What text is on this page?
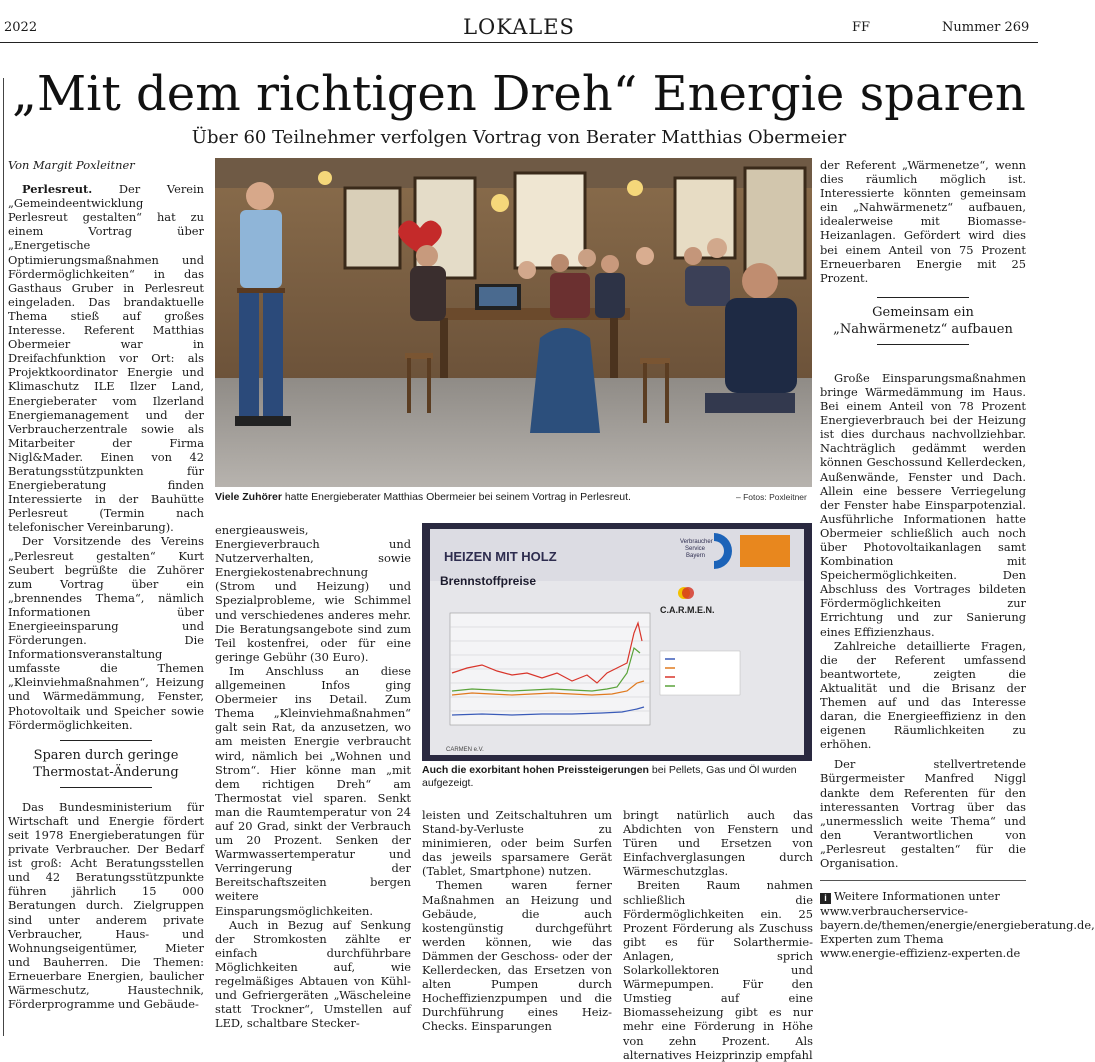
2022	LOKALES	FF	Nummer 269
„Mit dem richtigen Dreh“ Energie sparen
Über 60 Teilnehmer verfolgen Vortrag von Berater Matthias Obermeier

Von Margit Poxleitner

Perlesreut. Der Verein „Gemeindeentwicklung Perlesreut gestalten“ hat zu einem Vortrag über „Energetische Optimierungsmaßnahmen und Fördermöglichkeiten“ in das Gasthaus Gruber in Perlesreut eingeladen. Das brandaktuelle Thema stieß auf großes Interesse. Referent Matthias Obermeier war in Dreifachfunktion vor Ort: als Projektkoordinator Energie und Klimaschutz ILE Ilzer Land, Energieberater vom Ilzerland Energiemanagement und der Verbraucherzentrale sowie als Mitarbeiter der Firma Nigl&Mader. Einen von 42 Beratungsstützpunkten für Energieberatung finden Interessierte in der Bauhütte Perlesreut (Termin nach telefonischer Vereinbarung).

Der Vorsitzende des Vereins „Perlesreut gestalten“ Kurt Seubert begrüßte die Zuhörer zum Vortrag über ein „brennendes Thema“, nämlich Informationen über Energieeinsparung und Förderungen. Die Informationsveranstaltung umfasste die Themen „Kleinviehmaßnahmen“, Heizung und Wärmedämmung, Fenster, Photovoltaik und Speicher sowie Fördermöglichkeiten.

Sparen durch geringe Thermostat-Änderung

Das Bundesministerium für Wirtschaft und Energie fördert seit 1978 Energieberatungen für private Verbraucher. Der Bedarf ist groß: Acht Beratungsstellen und 42 Beratungsstützpunkte führen jährlich 15 000 Beratungen durch. Zielgruppen sind unter anderem private Verbraucher, Haus- und Wohnungseigentümer, Mieter und Bauherren. Die Themen: Erneuerbare Energien, baulicher Wärmeschutz, Haustechnik, Förderprogramme und Gebäude-

Viele Zuhörer hatte Energieberater Matthias Obermeier bei seinem Vortrag in Perlesreut.	– Fotos: Poxleitner

energieausweis, Energieverbrauch und Nutzerverhalten, sowie Energiekostenabrechnung (Strom und Heizung) und Spezialprobleme, wie Schimmel und verschiedenes anderes mehr. Die Beratungsangebote sind zum Teil kostenfrei, oder für eine geringe Gebühr (30 Euro).

Im Anschluss an diese allgemeinen Infos ging Obermeier ins Detail. Zum Thema „Kleinviehmaßnahmen“ galt sein Rat, da anzusetzen, wo am meisten Energie verbraucht wird, nämlich bei „Wohnen und Strom“. Hier könne man „mit dem richtigen Dreh“ am Thermostat viel sparen. Senkt man die Raumtemperatur von 24 auf 20 Grad, sinkt der Verbrauch um 20 Prozent. Senken der Warmwassertemperatur und Verringerung der Bereitschaftszeiten bergen weitere Einsparungsmöglichkeiten.

Auch in Bezug auf Senkung der Stromkosten zählte er einfach durchführbare Möglichkeiten auf, wie regelmäßiges Abtauen von Kühl- und Gefriergeräten „Wäscheleine statt Trockner“, Umstellen auf LED, schaltbare Stecker-

HEIZEN MIT HOLZ
Verbraucher
Service
Bayern
Brennstoffpreise
C.A.R.M.E.N.
CARMEN e.V.
Auch die exorbitant hohen Preissteigerungen bei Pellets, Gas und Öl wurden aufgezeigt.

leisten und Zeitschaltuhren um Stand-by-Verluste zu minimieren, oder beim Surfen das jeweils sparsamere Gerät (Tablet, Smartphone) nutzen.

Themen waren ferner Maßnahmen an Heizung und Gebäude, die auch kostengünstig durchgeführt werden können, wie das Dämmen der Geschoss- oder der Kellerdecken, das Ersetzen von alten Pumpen durch Hocheffizienzpumpen und die Durchführung eines Heiz-Checks. Einsparungen

bringt natürlich auch das Abdichten von Fenstern und Türen und Ersetzen von Einfachverglasungen durch Wärmeschutzglas.

Breiten Raum nahmen schließlich die Fördermöglichkeiten ein. 25 Prozent Förderung als Zuschuss gibt es für Solarthermie-Anlagen, sprich Solarkollektoren und Wärmepumpen. Für den Umstieg auf eine Biomasseheizung gibt es nur mehr eine Förderung in Höhe von zehn Prozent. Als alternatives Heizprinzip empfahl

der Referent „Wärmenetze“, wenn dies räumlich möglich ist. Interessierte könnten gemeinsam ein „Nahwärmenetz“ aufbauen, idealerweise mit Biomasse-Heizanlagen. Gefördert wird dies bei einem Anteil von 75 Prozent Erneuerbaren Energie mit 25 Prozent.

Gemeinsam ein „Nahwärmenetz“ aufbauen

Große Einsparungsmaßnahmen bringe Wärmedämmung im Haus. Bei einem Anteil von 78 Prozent Energieverbrauch bei der Heizung ist dies durchaus nachvollziehbar. Nachträglich gedämmt werden können Geschossund Kellerdecken, Außenwände, Fenster und Dach. Allein eine bessere Verriegelung der Fenster habe Einsparpotenzial. Ausführliche Informationen hatte Obermeier schließlich auch noch über Photovoltaikanlagen samt Kombination mit Speichermöglichkeiten. Den Abschluss des Vortrages bildeten Fördermöglichkeiten zur Errichtung und zur Sanierung eines Effizienzhaus.

Zahlreiche detaillierte Fragen, die der Referent umfassend beantwortete, zeigten die Aktualität und die Brisanz der Themen auf und das Interesse daran, die Energieeffizienz in den eigenen Räumlichkeiten zu erhöhen.

Der stellvertretende Bürgermeister Manfred Niggl dankte dem Referenten für den interessanten Vortrag über das „unermesslich weite Thema“ und den Verantwortlichen von „Perlesreut gestalten“ für die Organisation.

i Weitere Informationen unter www.verbraucherservice-bayern.de/themen/energie/energieberatung.de, Experten zum Thema www.energie-effizienz-experten.de
